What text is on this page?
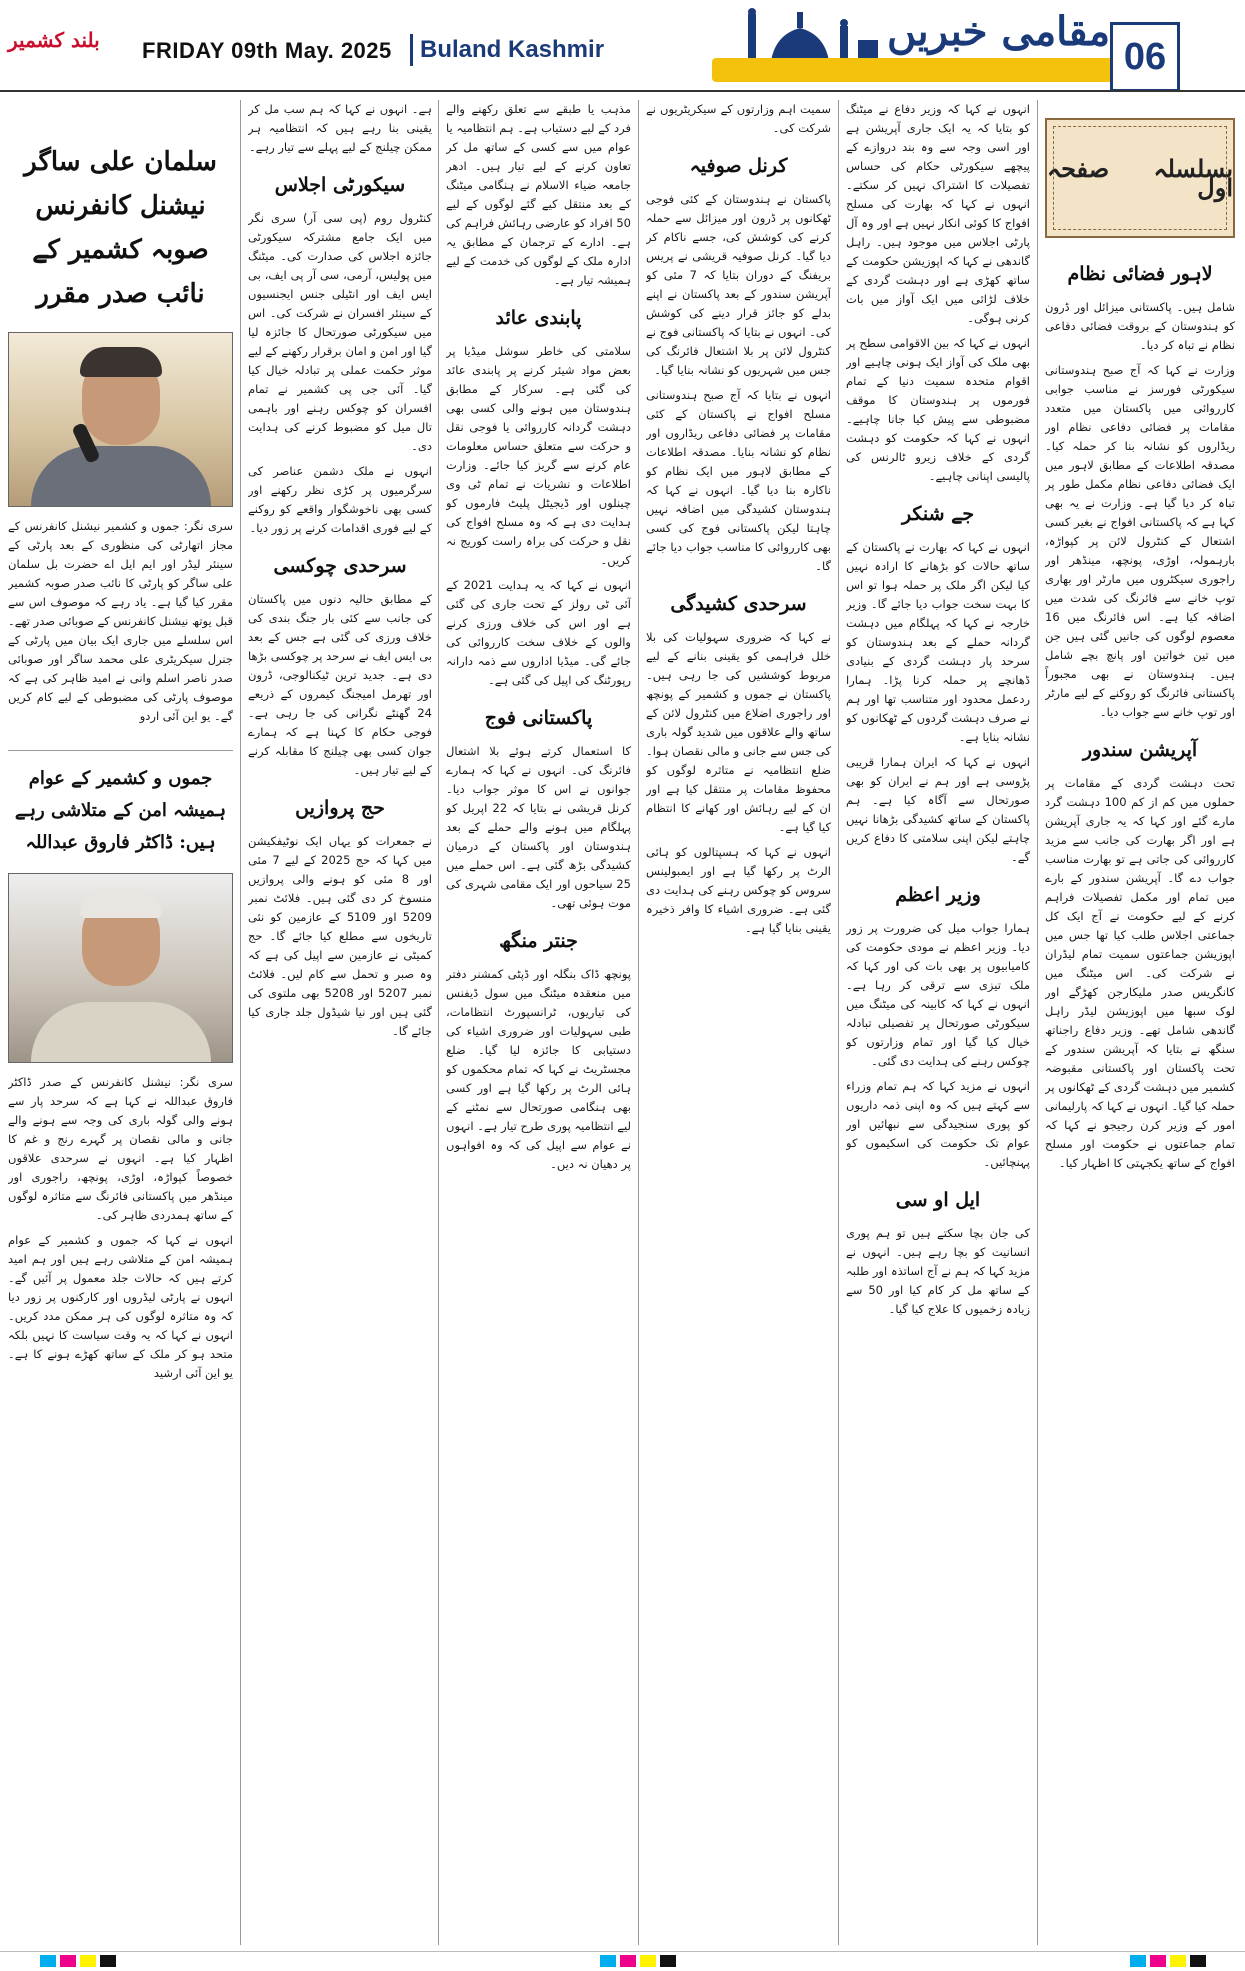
بلند کشمیر FRIDAY 09th May. 2025 Buland Kashmir	مقامی خبریں
06
بسلسلہ صفحہ اول
لاہور فضائی نظام

شامل ہیں۔ پاکستانی میزائل اور ڈرون کو ہندوستان کے بروقت فضائی دفاعی نظام نے تباہ کر دیا۔

وزارت نے کہا کہ آج صبح ہندوستانی سیکورٹی فورسز نے مناسب جوابی کارروائی میں پاکستان میں متعدد مقامات پر فضائی دفاعی نظام اور ریڈاروں کو نشانہ بنا کر حملہ کیا۔ مصدقہ اطلاعات کے مطابق لاہور میں ایک فضائی دفاعی نظام مکمل طور پر تباہ کر دیا گیا ہے۔ وزارت نے یہ بھی کہا ہے کہ پاکستانی افواج نے بغیر کسی اشتعال کے کنٹرول لائن پر کپواڑہ، بارہمولہ، اوڑی، پونچھ، مینڈھر اور راجوری سیکٹروں میں مارٹر اور بھاری توپ خانے سے فائرنگ کی شدت میں اضافہ کیا ہے۔ اس فائرنگ میں 16 معصوم لوگوں کی جانیں گئی ہیں جن میں تین خواتین اور پانچ بچے شامل ہیں۔ ہندوستان نے بھی مجبوراً پاکستانی فائرنگ کو روکنے کے لیے مارٹر اور توپ خانے سے جواب دیا۔

آپریشن سندور

تحت دہشت گردی کے مقامات پر حملوں میں کم از کم 100 دہشت گرد مارے گئے اور کہا کہ یہ جاری آپریشن ہے اور اگر بھارت کی جانب سے مزید کارروائی کی جاتی ہے تو بھارت مناسب جواب دے گا۔ آپریشن سندور کے بارے میں تمام اور مکمل تفصیلات فراہم کرنے کے لیے حکومت نے آج ایک کل جماعتی اجلاس طلب کیا تھا جس میں اپوزیشن جماعتوں سمیت تمام لیڈران نے شرکت کی۔ اس میٹنگ میں کانگریس صدر ملیکارجن کھڑگے اور لوک سبھا میں اپوزیشن لیڈر راہل گاندھی شامل تھے۔ وزیر دفاع راجناتھ سنگھ نے بتایا کہ آپریشن سندور کے تحت پاکستان اور پاکستانی مقبوضہ کشمیر میں دہشت گردی کے ٹھکانوں پر حملہ کیا گیا۔ انہوں نے کہا کہ پارلیمانی امور کے وزیر کرن رجیجو نے کہا کہ تمام جماعتوں نے حکومت اور مسلح افواج کے ساتھ یکجہتی کا اظہار کیا۔

انہوں نے کہا کہ وزیر دفاع نے میٹنگ کو بتایا کہ یہ ایک جاری آپریشن ہے اور اسی وجہ سے وہ بند دروازے کے پیچھے سیکورٹی حکام کی حساس تفصیلات کا اشتراک نہیں کر سکتے۔ انہوں نے کہا کہ بھارت کی مسلح افواج کا کوئی انکار نہیں ہے اور وہ آل پارٹی اجلاس میں موجود ہیں۔ راہل گاندھی نے کہا کہ اپوزیشن حکومت کے ساتھ کھڑی ہے اور دہشت گردی کے خلاف لڑائی میں ایک آواز میں بات کرنی ہوگی۔

انہوں نے کہا کہ بین الاقوامی سطح پر بھی ملک کی آواز ایک ہونی چاہیے اور اقوام متحدہ سمیت دنیا کے تمام فورموں پر ہندوستان کا موقف مضبوطی سے پیش کیا جانا چاہیے۔ انہوں نے کہا کہ حکومت کو دہشت گردی کے خلاف زیرو ٹالرنس کی پالیسی اپنانی چاہیے۔

جے شنکر

انہوں نے کہا کہ بھارت نے پاکستان کے ساتھ حالات کو بڑھانے کا ارادہ نہیں کیا لیکن اگر ملک پر حملہ ہوا تو اس کا بہت سخت جواب دیا جائے گا۔ وزیر خارجہ نے کہا کہ پہلگام میں دہشت گردانہ حملے کے بعد ہندوستان کو سرحد پار دہشت گردی کے بنیادی ڈھانچے پر حملہ کرنا پڑا۔ ہمارا ردعمل محدود اور متناسب تھا اور ہم نے صرف دہشت گردوں کے ٹھکانوں کو نشانہ بنایا ہے۔

انہوں نے کہا کہ ایران ہمارا قریبی پڑوسی ہے اور ہم نے ایران کو بھی صورتحال سے آگاہ کیا ہے۔ ہم پاکستان کے ساتھ کشیدگی بڑھانا نہیں چاہتے لیکن اپنی سلامتی کا دفاع کریں گے۔

وزیر اعظم

ہمارا جواب میل کی ضرورت پر زور دیا۔ وزیر اعظم نے مودی حکومت کی کامیابیوں پر بھی بات کی اور کہا کہ ملک تیزی سے ترقی کر رہا ہے۔ انہوں نے کہا کہ کابینہ کی میٹنگ میں سیکورٹی صورتحال پر تفصیلی تبادلہ خیال کیا گیا اور تمام وزارتوں کو چوکس رہنے کی ہدایت دی گئی۔

انہوں نے مزید کہا کہ ہم تمام وزراء سے کہتے ہیں کہ وہ اپنی ذمہ داریوں کو پوری سنجیدگی سے نبھائیں اور عوام تک حکومت کی اسکیموں کو پہنچائیں۔

ایل او سی

کی جان بچا سکتے ہیں تو ہم پوری انسانیت کو بچا رہے ہیں۔ انہوں نے مزید کہا کہ ہم نے آج اساتذہ اور طلبہ کے ساتھ مل کر کام کیا اور 50 سے زیادہ زخمیوں کا علاج کیا گیا۔

سمیت اہم وزارتوں کے سیکریٹریوں نے شرکت کی۔

کرنل صوفیہ

پاکستان نے ہندوستان کے کئی فوجی ٹھکانوں پر ڈرون اور میزائل سے حملہ کرنے کی کوشش کی، جسے ناکام کر دیا گیا۔ کرنل صوفیہ قریشی نے پریس بریفنگ کے دوران بتایا کہ 7 مئی کو آپریشن سندور کے بعد پاکستان نے اپنے بدلے کو جائز قرار دینے کی کوشش کی۔ انہوں نے بتایا کہ پاکستانی فوج نے کنٹرول لائن پر بلا اشتعال فائرنگ کی جس میں شہریوں کو نشانہ بنایا گیا۔

انہوں نے بتایا کہ آج صبح ہندوستانی مسلح افواج نے پاکستان کے کئی مقامات پر فضائی دفاعی ریڈاروں اور نظام کو نشانہ بنایا۔ مصدقہ اطلاعات کے مطابق لاہور میں ایک نظام کو ناکارہ بنا دیا گیا۔ انہوں نے کہا کہ ہندوستان کشیدگی میں اضافہ نہیں چاہتا لیکن پاکستانی فوج کی کسی بھی کارروائی کا مناسب جواب دیا جائے گا۔

سرحدی کشیدگی

نے کہا کہ ضروری سہولیات کی بلا خلل فراہمی کو یقینی بنانے کے لیے مربوط کوششیں کی جا رہی ہیں۔ پاکستان نے جموں و کشمیر کے پونچھ اور راجوری اضلاع میں کنٹرول لائن کے ساتھ والے علاقوں میں شدید گولہ باری کی جس سے جانی و مالی نقصان ہوا۔ ضلع انتظامیہ نے متاثرہ لوگوں کو محفوظ مقامات پر منتقل کیا ہے اور ان کے لیے رہائش اور کھانے کا انتظام کیا گیا ہے۔

انہوں نے کہا کہ ہسپتالوں کو ہائی الرٹ پر رکھا گیا ہے اور ایمبولینس سروس کو چوکس رہنے کی ہدایت دی گئی ہے۔ ضروری اشیاء کا وافر ذخیرہ یقینی بنایا گیا ہے۔

مذہب یا طبقے سے تعلق رکھنے والے فرد کے لیے دستیاب ہے۔ ہم انتظامیہ یا عوام میں سے کسی کے ساتھ مل کر تعاون کرنے کے لیے تیار ہیں۔ ادھر جامعہ ضیاء الاسلام نے ہنگامی میٹنگ کے بعد منتقل کیے گئے لوگوں کے لیے 50 افراد کو عارضی رہائش فراہم کی ہے۔ ادارے کے ترجمان کے مطابق یہ ادارہ ملک کے لوگوں کی خدمت کے لیے ہمیشہ تیار ہے۔

پابندی عائد

سلامتی کی خاطر سوشل میڈیا پر بعض مواد شیئر کرنے پر پابندی عائد کی گئی ہے۔ سرکار کے مطابق ہندوستان میں ہونے والی کسی بھی دہشت گردانہ کارروائی یا فوجی نقل و حرکت سے متعلق حساس معلومات عام کرنے سے گریز کیا جائے۔ وزارت اطلاعات و نشریات نے تمام ٹی وی چینلوں اور ڈیجیٹل پلیٹ فارموں کو ہدایت دی ہے کہ وہ مسلح افواج کی نقل و حرکت کی براہ راست کوریج نہ کریں۔

انہوں نے کہا کہ یہ ہدایت 2021 کے آئی ٹی رولز کے تحت جاری کی گئی ہے اور اس کی خلاف ورزی کرنے والوں کے خلاف سخت کارروائی کی جائے گی۔ میڈیا اداروں سے ذمہ دارانہ رپورٹنگ کی اپیل کی گئی ہے۔

پاکستانی فوج

کا استعمال کرتے ہوئے بلا اشتعال فائرنگ کی۔ انہوں نے کہا کہ ہمارے جوانوں نے اس کا موثر جواب دیا۔ کرنل قریشی نے بتایا کہ 22 اپریل کو پہلگام میں ہونے والے حملے کے بعد ہندوستان اور پاکستان کے درمیان کشیدگی بڑھ گئی ہے۔ اس حملے میں 25 سیاحوں اور ایک مقامی شہری کی موت ہوئی تھی۔

جنتر منگھ

پونچھ ڈاک بنگلہ اور ڈپٹی کمشنر دفتر میں منعقدہ میٹنگ میں سول ڈیفنس کی تیاریوں، ٹرانسپورٹ انتظامات، طبی سہولیات اور ضروری اشیاء کی دستیابی کا جائزہ لیا گیا۔ ضلع مجسٹریٹ نے کہا کہ تمام محکموں کو ہائی الرٹ پر رکھا گیا ہے اور کسی بھی ہنگامی صورتحال سے نمٹنے کے لیے انتظامیہ پوری طرح تیار ہے۔ انہوں نے عوام سے اپیل کی کہ وہ افواہوں پر دھیان نہ دیں۔

ہے۔ انہوں نے کہا کہ ہم سب مل کر یقینی بنا رہے ہیں کہ انتظامیہ ہر ممکن چیلنج کے لیے پہلے سے تیار رہے۔

سیکورٹی اجلاس

کنٹرول روم (پی سی آر) سری نگر میں ایک جامع مشترکہ سیکورٹی جائزہ اجلاس کی صدارت کی۔ میٹنگ میں پولیس، آرمی، سی آر پی ایف، بی ایس ایف اور انٹیلی جنس ایجنسیوں کے سینئر افسران نے شرکت کی۔ اس میں سیکورٹی صورتحال کا جائزہ لیا گیا اور امن و امان برقرار رکھنے کے لیے موثر حکمت عملی پر تبادلہ خیال کیا گیا۔ آئی جی پی کشمیر نے تمام افسران کو چوکس رہنے اور باہمی تال میل کو مضبوط کرنے کی ہدایت دی۔

انہوں نے ملک دشمن عناصر کی سرگرمیوں پر کڑی نظر رکھنے اور کسی بھی ناخوشگوار واقعے کو روکنے کے لیے فوری اقدامات کرنے پر زور دیا۔

سرحدی چوکسی

کے مطابق حالیہ دنوں میں پاکستان کی جانب سے کئی بار جنگ بندی کی خلاف ورزی کی گئی ہے جس کے بعد بی ایس ایف نے سرحد پر چوکسی بڑھا دی ہے۔ جدید ترین ٹیکنالوجی، ڈرون اور تھرمل امیجنگ کیمروں کے ذریعے 24 گھنٹے نگرانی کی جا رہی ہے۔ فوجی حکام کا کہنا ہے کہ ہمارے جوان کسی بھی چیلنج کا مقابلہ کرنے کے لیے تیار ہیں۔

حج پروازیں

نے جمعرات کو یہاں ایک نوٹیفکیشن میں کہا کہ حج 2025 کے لیے 7 مئی اور 8 مئی کو ہونے والی پروازیں منسوخ کر دی گئی ہیں۔ فلائٹ نمبر 5209 اور 5109 کے عازمین کو نئی تاریخوں سے مطلع کیا جائے گا۔ حج کمیٹی نے عازمین سے اپیل کی ہے کہ وہ صبر و تحمل سے کام لیں۔ فلائٹ نمبر 5207 اور 5208 بھی ملتوی کی گئی ہیں اور نیا شیڈول جلد جاری کیا جائے گا۔

سلمان علی ساگر نیشنل کانفرنس صوبہ کشمیر کے نائب صدر مقرر

سری نگر: جموں و کشمیر نیشنل کانفرنس کے مجاز اتھارٹی کی منظوری کے بعد پارٹی کے سینئر لیڈر اور ایم ایل اے حضرت بل سلمان علی ساگر کو پارٹی کا نائب صدر صوبہ کشمیر مقرر کیا گیا ہے۔ یاد رہے کہ موصوف اس سے قبل یوتھ نیشنل کانفرنس کے صوبائی صدر تھے۔ اس سلسلے میں جاری ایک بیان میں پارٹی کے جنرل سیکریٹری علی محمد ساگر اور صوبائی صدر ناصر اسلم وانی نے امید ظاہر کی ہے کہ موصوف پارٹی کی مضبوطی کے لیے کام کریں گے۔ یو این آئی اردو

جموں و کشمیر کے عوام ہمیشہ امن کے متلاشی رہے ہیں: ڈاکٹر فاروق عبداللہ

سری نگر: نیشنل کانفرنس کے صدر ڈاکٹر فاروق عبداللہ نے کہا ہے کہ سرحد پار سے ہونے والی گولہ باری کی وجہ سے ہونے والے جانی و مالی نقصان پر گہرے رنج و غم کا اظہار کیا ہے۔ انہوں نے سرحدی علاقوں خصوصاً کپواڑہ، اوڑی، پونچھ، راجوری اور مینڈھر میں پاکستانی فائرنگ سے متاثرہ لوگوں کے ساتھ ہمدردی ظاہر کی۔

انہوں نے کہا کہ جموں و کشمیر کے عوام ہمیشہ امن کے متلاشی رہے ہیں اور ہم امید کرتے ہیں کہ حالات جلد معمول پر آئیں گے۔ انہوں نے پارٹی لیڈروں اور کارکنوں پر زور دیا کہ وہ متاثرہ لوگوں کی ہر ممکن مدد کریں۔ انہوں نے کہا کہ یہ وقت سیاست کا نہیں بلکہ متحد ہو کر ملک کے ساتھ کھڑے ہونے کا ہے۔ یو این آئی ارشید
